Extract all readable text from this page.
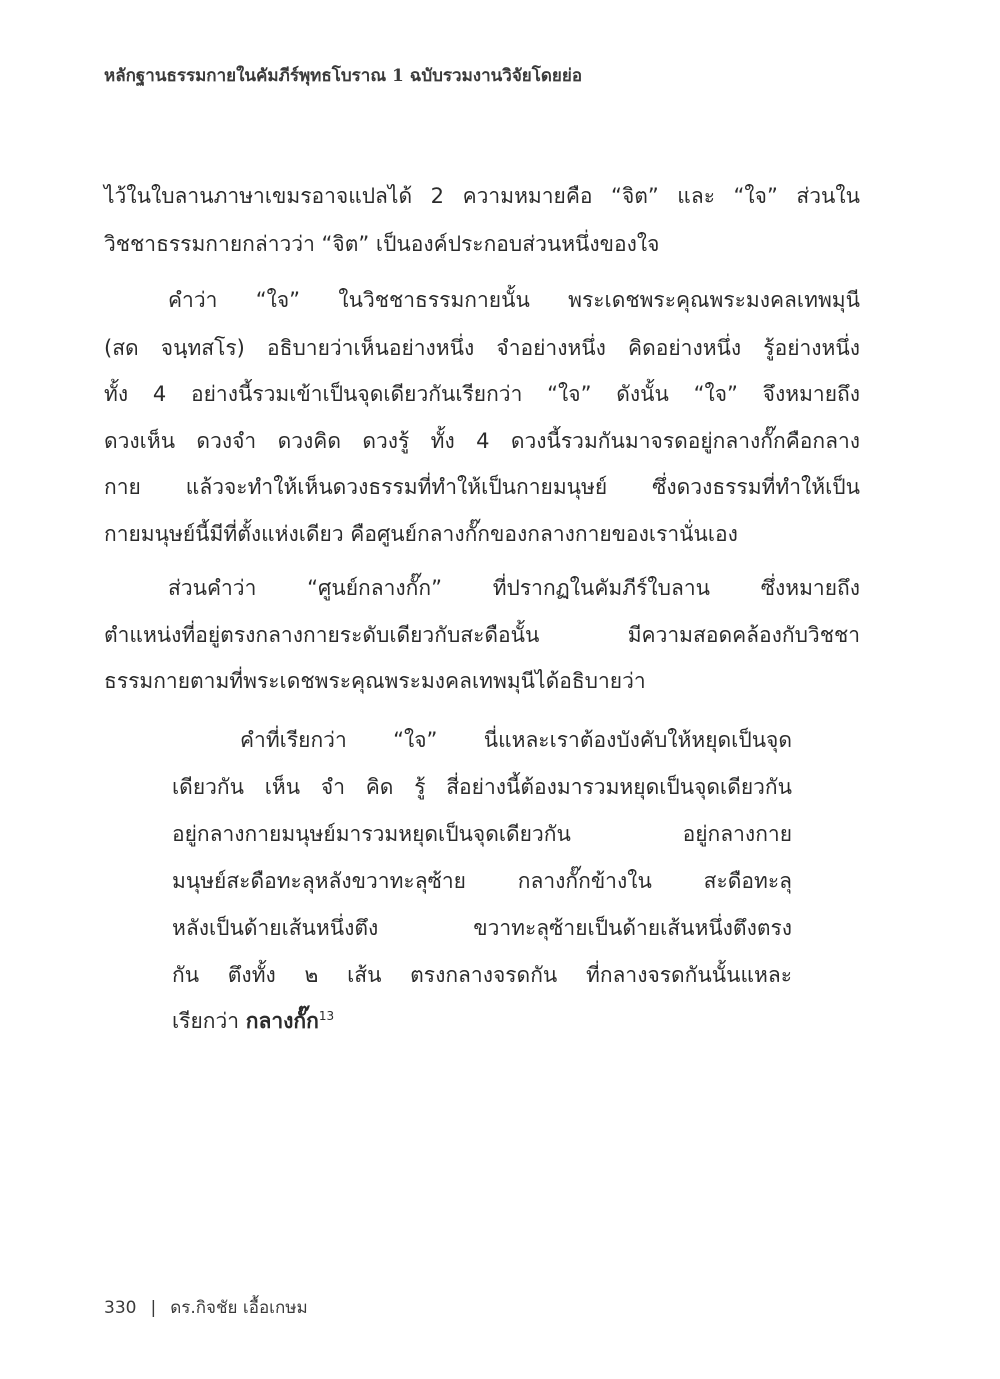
หลักฐานธรรมกายในคัมภีร์พุทธโบราณ 1 ฉบับรวมงานวิจัยโดยย่อ
ไว้ในใบลานภาษาเขมรอาจแปลได้ 2 ความหมายคือ “จิต” และ “ใจ” ส่วนใน
วิชชาธรรมกายกล่าวว่า “จิต” เป็นองค์ประกอบส่วนหนึ่งของใจ
คำว่า “ใจ” ในวิชชาธรรมกายนั้น พระเดชพระคุณพระมงคลเทพมุนี
(สด จนฺทสโร) อธิบายว่าเห็นอย่างหนึ่ง จำอย่างหนึ่ง คิดอย่างหนึ่ง รู้อย่างหนึ่ง
ทั้ง 4 อย่างนี้รวมเข้าเป็นจุดเดียวกันเรียกว่า “ใจ” ดังนั้น “ใจ” จึงหมายถึง
ดวงเห็น ดวงจำ ดวงคิด ดวงรู้ ทั้ง 4 ดวงนี้รวมกันมาจรดอยู่กลางกั๊กคือกลาง
กาย แล้วจะทำให้เห็นดวงธรรมที่ทำให้เป็นกายมนุษย์ ซึ่งดวงธรรมที่ทำให้เป็น
กายมนุษย์นี้มีที่ตั้งแห่งเดียว คือศูนย์กลางกั๊กของกลางกายของเรานั่นเอง
ส่วนคำว่า “ศูนย์กลางกั๊ก” ที่ปรากฏในคัมภีร์ใบลาน ซึ่งหมายถึง
ตำแหน่งที่อยู่ตรงกลางกายระดับเดียวกับสะดือนั้น มีความสอดคล้องกับวิชชา
ธรรมกายตามที่พระเดชพระคุณพระมงคลเทพมุนีได้อธิบายว่า
คำที่เรียกว่า “ใจ” นี่แหละเราต้องบังคับให้หยุดเป็นจุด
เดียวกัน เห็น จำ คิด รู้ สี่อย่างนี้ต้องมารวมหยุดเป็นจุดเดียวกัน
อยู่กลางกายมนุษย์มารวมหยุดเป็นจุดเดียวกัน อยู่กลางกาย
มนุษย์สะดือทะลุหลังขวาทะลุซ้าย กลางกั๊กข้างใน สะดือทะลุ
หลังเป็นด้ายเส้นหนึ่งตึง ขวาทะลุซ้ายเป็นด้ายเส้นหนึ่งตึงตรง
กัน ตึงทั้ง ๒ เส้น ตรงกลางจรดกัน ที่กลางจรดกันนั้นแหละ
เรียกว่า กลางกั๊ก$^{13}$
330 | ดร.กิจชัย เอื้อเกษม
